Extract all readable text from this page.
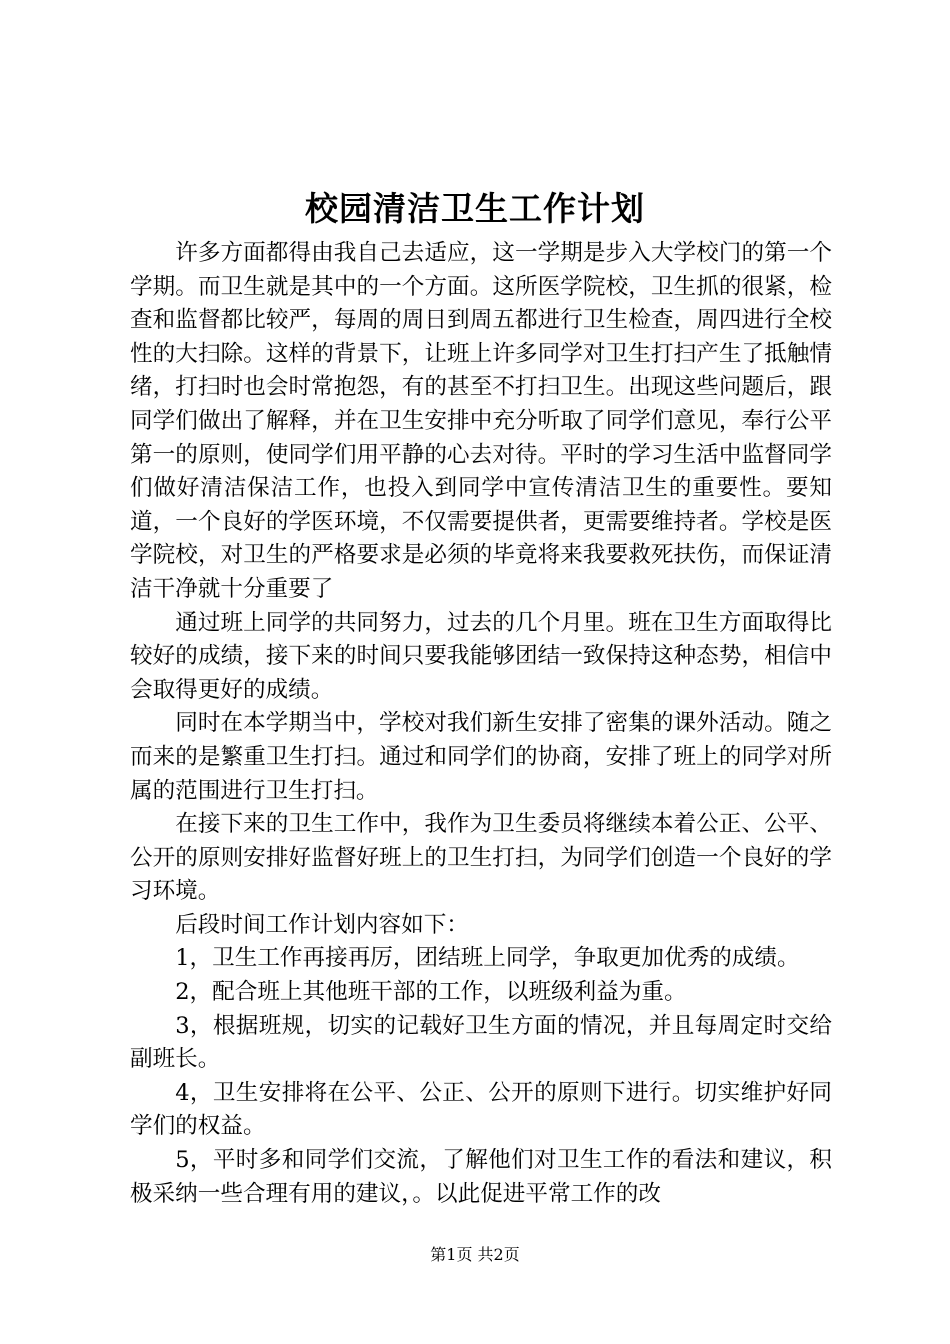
校园清洁卫生工作计划

许多方面都得由我自己去适应，这一学期是步入大学校门的第一个学期。而卫生就是其中的一个方面。这所医学院校，卫生抓的很紧，检查和监督都比较严，每周的周日到周五都进行卫生检查，周四进行全校性的大扫除。这样的背景下，让班上许多同学对卫生打扫产生了抵触情绪，打扫时也会时常抱怨，有的甚至不打扫卫生。出现这些问题后，跟同学们做出了解释，并在卫生安排中充分听取了同学们意见，奉行公平第一的原则，使同学们用平静的心去对待。平时的学习生活中监督同学们做好清洁保洁工作，也投入到同学中宣传清洁卫生的重要性。要知道，一个良好的学医环境，不仅需要提供者，更需要维持者。学校是医学院校，对卫生的严格要求是必须的毕竟将来我要救死扶伤，而保证清洁干净就十分重要了

通过班上同学的共同努力，过去的几个月里。班在卫生方面取得比较好的成绩，接下来的时间只要我能够团结一致保持这种态势，相信中会取得更好的成绩。

同时在本学期当中，学校对我们新生安排了密集的课外活动。随之而来的是繁重卫生打扫。通过和同学们的协商，安排了班上的同学对所属的范围进行卫生打扫。

在接下来的卫生工作中，我作为卫生委员将继续本着公正、公平、公开的原则安排好监督好班上的卫生打扫，为同学们创造一个良好的学习环境。

后段时间工作计划内容如下：

1，卫生工作再接再厉，团结班上同学，争取更加优秀的成绩。

2，配合班上其他班干部的工作，以班级利益为重。

3，根据班规，切实的记载好卫生方面的情况，并且每周定时交给副班长。

4，卫生安排将在公平、公正、公开的原则下进行。切实维护好同学们的权益。

5，平时多和同学们交流，了解他们对卫生工作的看法和建议，积极采纳一些合理有用的建议，。以此促进平常工作的改

第1页 共2页
